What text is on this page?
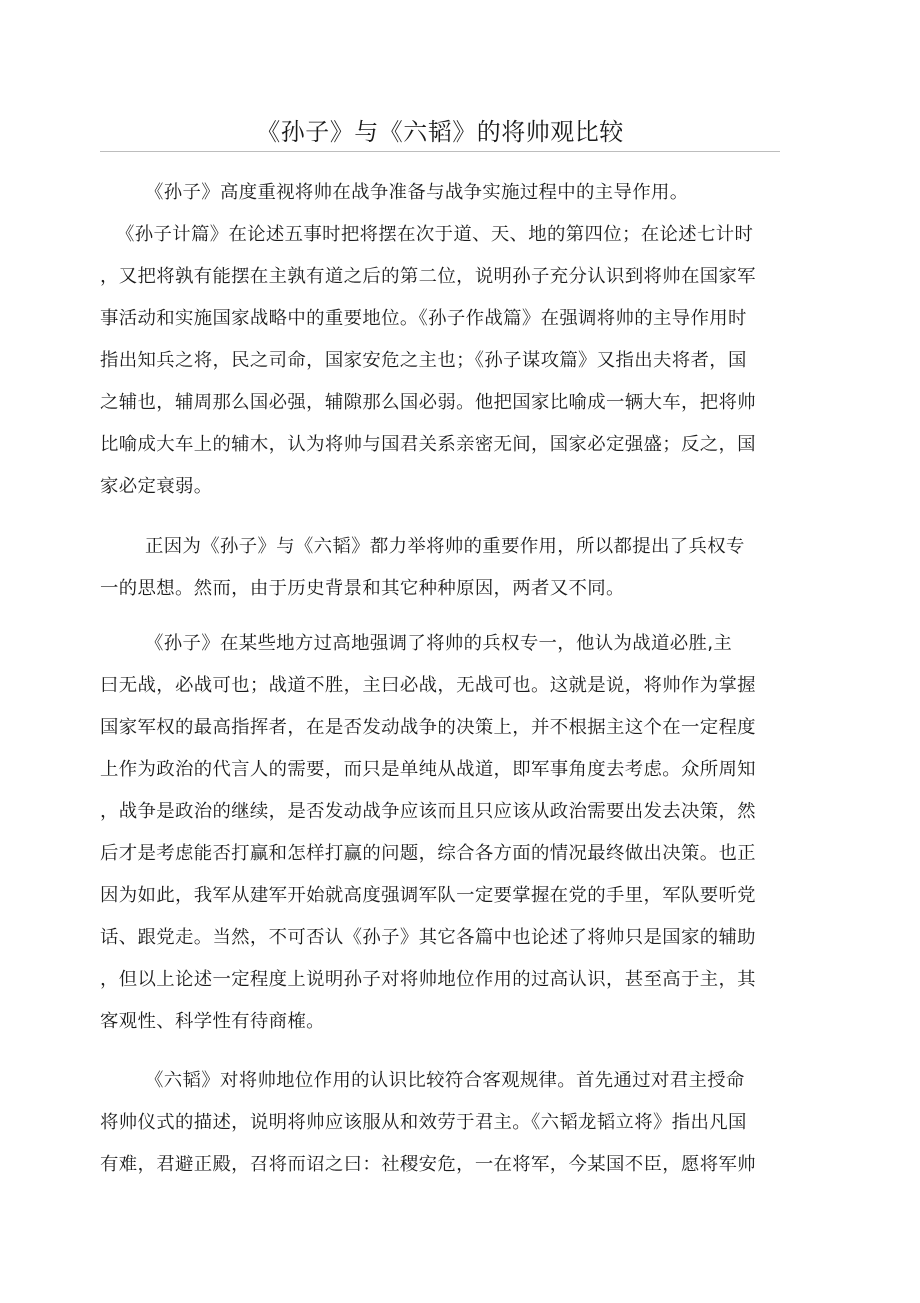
《孙子》与《六韬》的将帅观比较
《孙子》高度重视将帅在战争准备与战争实施过程中的主导作用。
《孙子计篇》在论述五事时把将摆在次于道、天、地的第四位；在论述七计时
，又把将孰有能摆在主孰有道之后的第二位，说明孙子充分认识到将帅在国家军
事活动和实施国家战略中的重要地位。《孙子作战篇》在强调将帅的主导作用时
指出知兵之将，民之司命，国家安危之主也；《孙子谋攻篇》又指出夫将者，国
之辅也，辅周那么国必强，辅隙那么国必弱。他把国家比喻成一辆大车，把将帅
比喻成大车上的辅木，认为将帅与国君关系亲密无间，国家必定强盛；反之，国
家必定衰弱。
正因为《孙子》与《六韬》都力举将帅的重要作用，所以都提出了兵权专
一的思想。然而，由于历史背景和其它种种原因，两者又不同。
《孙子》在某些地方过高地强调了将帅的兵权专一，他认为战道必胜,主
曰无战，必战可也；战道不胜，主曰必战，无战可也。这就是说，将帅作为掌握
国家军权的最高指挥者，在是否发动战争的决策上，并不根据主这个在一定程度
上作为政治的代言人的需要，而只是单纯从战道，即军事角度去考虑。众所周知
，战争是政治的继续，是否发动战争应该而且只应该从政治需要出发去决策，然
后才是考虑能否打赢和怎样打赢的问题，综合各方面的情况最终做出决策。也正
因为如此，我军从建军开始就高度强调军队一定要掌握在党的手里，军队要听党
话、跟党走。当然，不可否认《孙子》其它各篇中也论述了将帅只是国家的辅助
，但以上论述一定程度上说明孙子对将帅地位作用的过高认识，甚至高于主，其
客观性、科学性有待商榷。
《六韬》对将帅地位作用的认识比较符合客观规律。首先通过对君主授命
将帅仪式的描述，说明将帅应该服从和效劳于君主。《六韬龙韬立将》指出凡国
有难，君避正殿，召将而诏之曰：社稷安危，一在将军，今某国不臣，愿将军帅
